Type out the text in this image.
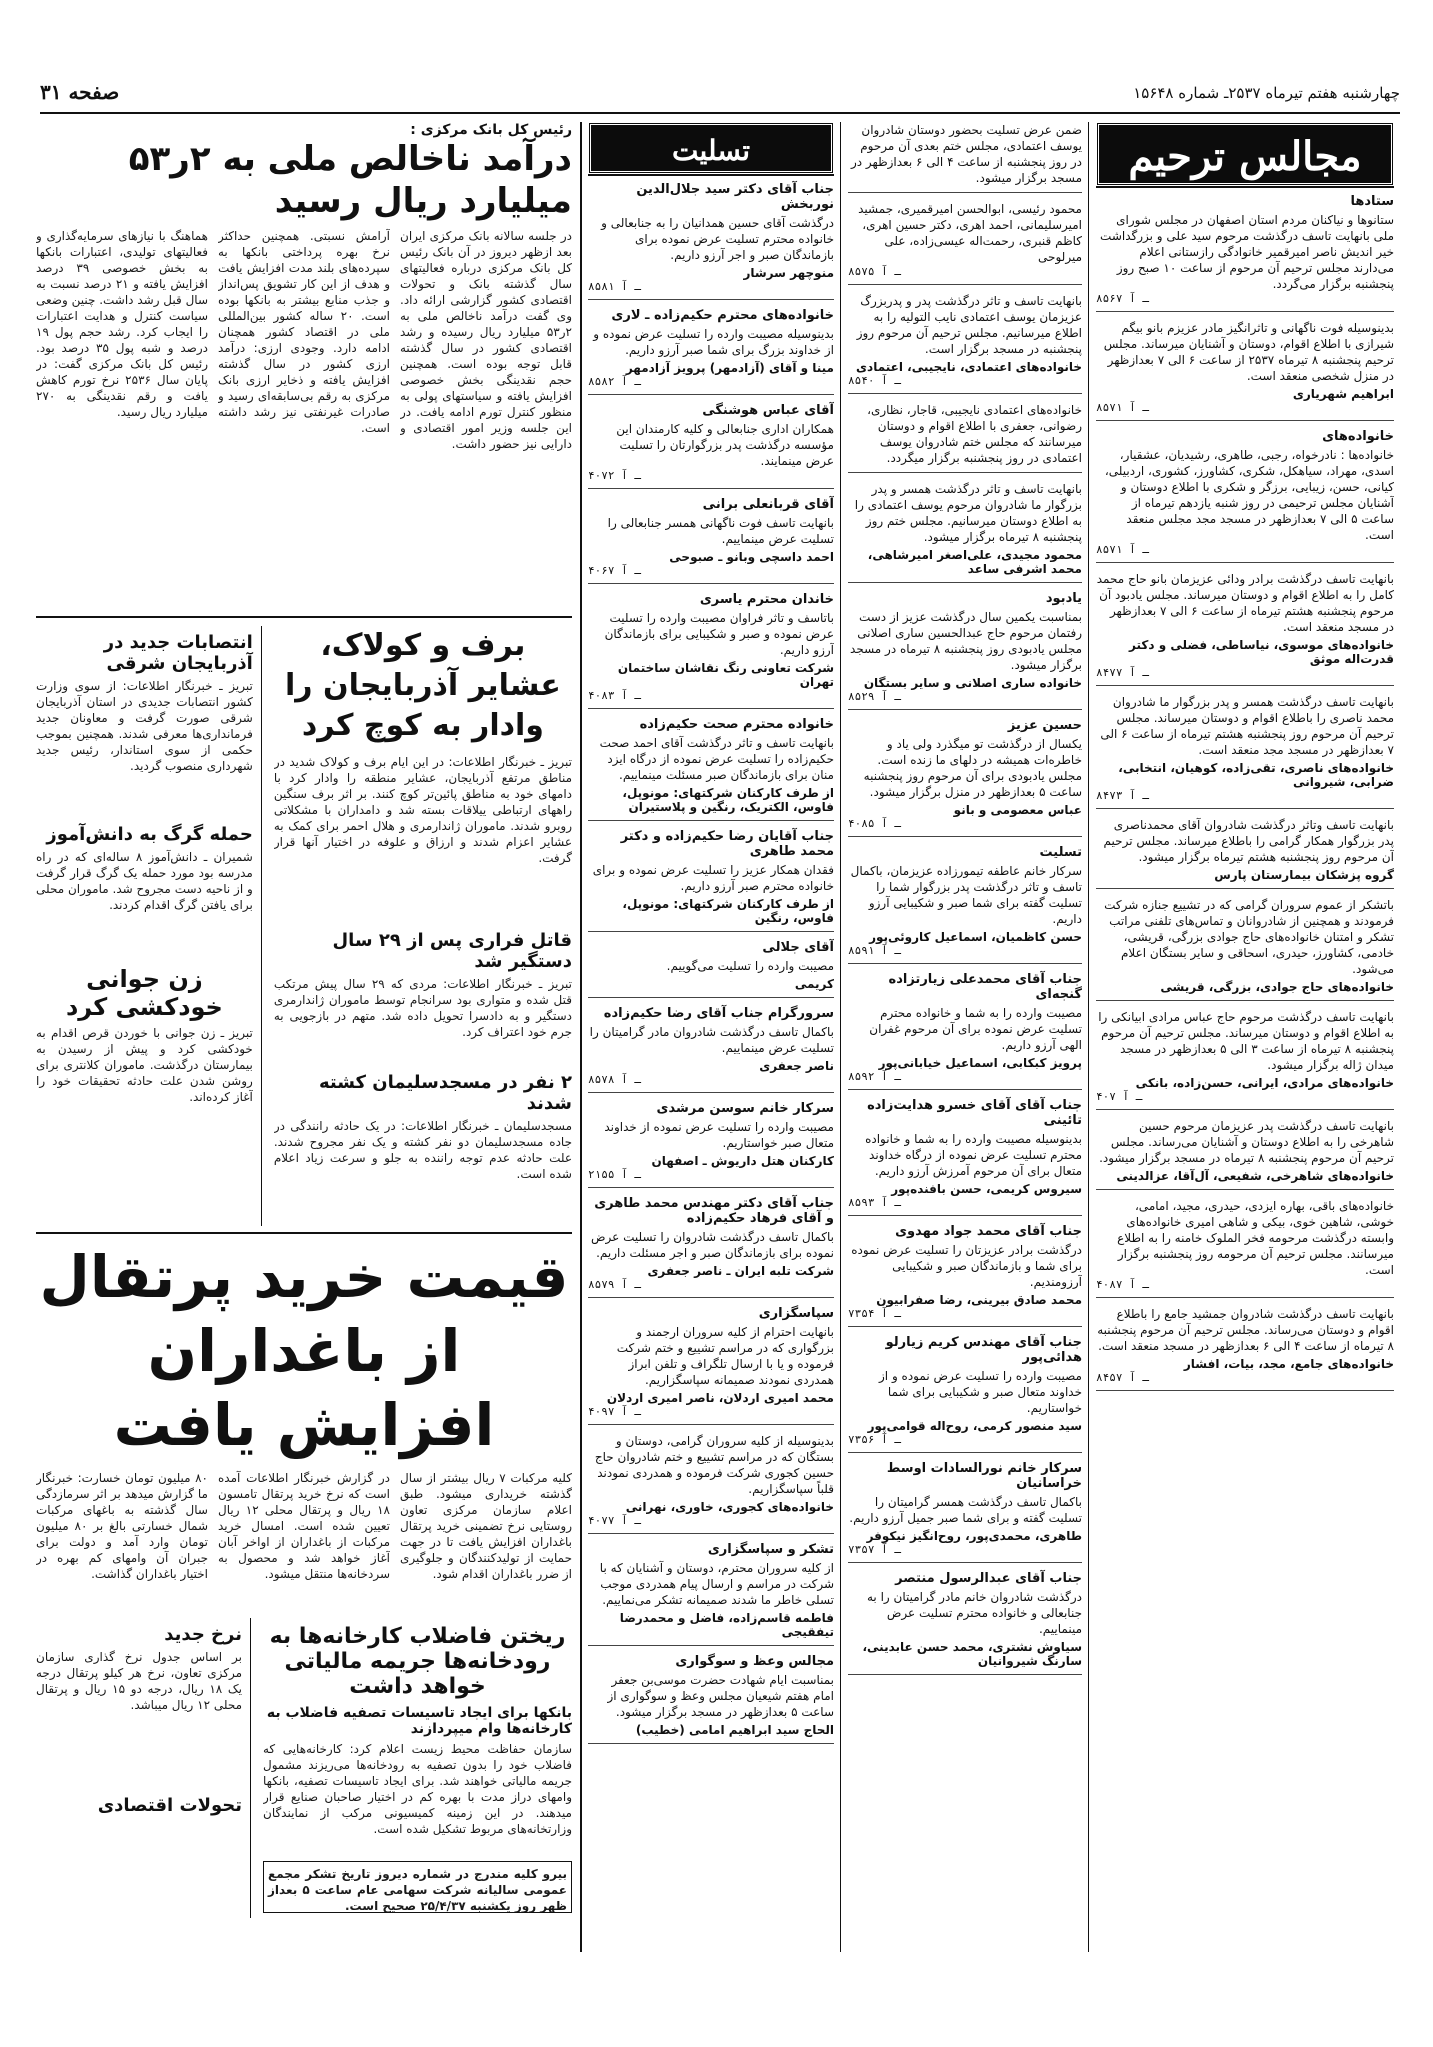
چهارشنبه هفتم تیرماه ۲۵۳۷ـ شماره ۱۵۶۴۸
صفحه ۳۱
مجالس ترحیم
ستادها
ستانوها و نیاکنان مردم استان اصفهان در مجلس شورای ملی بانهایت تاسف درگذشت مرحوم سید علی و بزرگداشت خیر اندیش ناصر امیرقمیر خانوادگی رازستانی اعلام می‌دارند مجلس ترحیم آن مرحوم از ساعت ۱۰ صبح روز پنجشنبه برگزار می‌گردد.
۸۵۶۷ ـ آ
بدینوسیله فوت ناگهانی و تاثرانگیز مادر عزیزم بانو بیگم شیرازی با اطلاع اقوام، دوستان و آشنایان میرساند. مجلس ترحیم پنجشنبه ۸ تیرماه ۲۵۳۷ از ساعت ۶ الی ۷ بعدازظهر در منزل شخصی منعقد است.
ابراهیم شهریاری
۸۵۷۱ ـ آ
خانواده‌های
خانواده‌ها : نادرخواه، رجبی، طاهری، رشیدیان، عشقیار، اسدی، مهراد، سیاهکل، شکری، کشاورز، کشوری، اردبیلی، کیانی، حسن، زیبایی، برزگر و شکری با اطلاع دوستان و آشنایان مجلس ترحیمی در روز شنبه یازدهم تیرماه از ساعت ۵ الی ۷ بعدازظهر در مسجد مجد مجلس منعقد است.
۸۵۷۱ ـ آ
بانهایت تاسف درگذشت برادر ودائی عزیزمان بانو حاج محمد کامل را به اطلاع اقوام و دوستان میرساند. مجلس یادبود آن مرحوم پنجشنبه هشتم تیرماه از ساعت ۶ الی ۷ بعدازظهر در مسجد منعقد است.
خانواده‌های موسوی، نیاساطی، فضلی و دکتر قدرت‌اله موثق
۸۴۷۷ ـ آ
بانهایت تاسف درگذشت همسر و پدر بزرگوار ما شادروان محمد ناصری را باطلاع اقوام و دوستان میرساند. مجلس ترحیم آن مرحوم روز پنجشنبه هشتم تیرماه از ساعت ۶ الی ۷ بعدازظهر در مسجد مجد منعقد است.
خانواده‌های ناصری، تقی‌زاده، کوهیان، انتخابی، ضرابی، شیروانی
۸۴۷۳ ـ آ
بانهایت تاسف وتاثر درگذشت شادروان آقای محمدناصری پدر بزرگوار همکار گرامی را باطلاع میرساند. مجلس ترحیم آن مرحوم روز پنجشنبه هشتم تیرماه برگزار میشود.
گروه پزشکان بیمارستان پارس
باتشکر از عموم سروران گرامی که در تشییع جنازه شرکت فرمودند و همچنین از شادروانان و تماس‌های تلفنی مراتب تشکر و امتنان خانواده‌های حاج جوادی بزرگی، قریشی، خادمی، کشاورز، حیدری، اسحاقی و سایر بستگان اعلام می‌شود.
خانواده‌های حاج جوادی، بزرگی، قریشی
بانهایت تاسف درگذشت مرحوم حاج عباس مرادی ابیانکی را به اطلاع اقوام و دوستان میرساند. مجلس ترحیم آن مرحوم پنجشنبه ۸ تیرماه از ساعت ۳ الی ۵ بعدازظهر در مسجد میدان ژاله برگزار میشود.
خانواده‌های مرادی، ایرانی، حسن‌زاده، بانکی
۴۰۷ ـ آ
بانهایت تاسف درگذشت پدر عزیزمان مرحوم حسین شاهرخی را به اطلاع دوستان و آشنایان می‌رساند. مجلس ترحیم آن مرحوم پنجشنبه ۸ تیرماه در مسجد برگزار میشود.
خانواده‌های شاهرخی، شفیعی، آل‌آقا، عزالدینی
خانواده‌های باقی، بهاره ایزدی، حیدری، مجید، امامی، خوشی، شاهین خوی، بیکی و شاهی امیری خانواده‌های وابسته درگذشت مرحومه فخر الملوک خامنه را به اطلاع میرسانند. مجلس ترحیم آن مرحومه روز پنجشنبه برگزار است.
۴۰۸۷ ـ آ
بانهایت تاسف درگذشت شادروان جمشید جامع را باطلاع اقوام و دوستان می‌رساند. مجلس ترحیم آن مرحوم پنجشنبه ۸ تیرماه از ساعت ۴ الی ۶ بعدازظهر در مسجد منعقد است.
خانواده‌های جامع، مجد، بیات، افشار
۸۴۵۷ ـ آ
ضمن عرض تسلیت بحضور دوستان شادروان یوسف اعتمادی، مجلس ختم بعدی آن مرحوم در روز پنجشنبه از ساعت ۴ الی ۶ بعدازظهر در مسجد برگزار میشود.
محمود رئیسی، ابوالحسن امیرقمیری، جمشید امیرسلیمانی، احمد اهری، دکتر حسین اهری، کاظم قنبری، رحمت‌اله عیسی‌زاده، علی میرلوحی
۸۵۷۵ ـ آ
بانهایت تاسف و تاثر درگذشت پدر و پدربزرگ عزیزمان یوسف اعتمادی نایب التولیه را به اطلاع میرسانیم. مجلس ترحیم آن مرحوم روز پنجشنبه در مسجد برگزار است.
خانواده‌های اعتمادی، نایجیبی، اعتمادی
۸۵۴۰ ـ آ
خانواده‌های اعتمادی نایجیبی، قاجار، نظاری، رضوانی، جعفری با اطلاع اقوام و دوستان میرسانند که مجلس ختم شادروان یوسف اعتمادی در روز پنجشنبه برگزار میگردد.
بانهایت تاسف و تاثر درگذشت همسر و پدر بزرگوار ما شادروان مرحوم یوسف اعتمادی را به اطلاع دوستان میرسانیم. مجلس ختم روز پنجشنبه ۸ تیرماه برگزار میشود.
محمود مجیدی، علی‌اصغر امیرشاهی، محمد اشرفی ساعد
یادبود
بمناسبت یکمین سال درگذشت عزیز از دست رفتمان مرحوم حاج عبدالحسین ساری اصلانی مجلس یادبودی روز پنجشنبه ۸ تیرماه در مسجد برگزار میشود.
خانواده ساری اصلانی و سایر بستگان
۸۵۲۹ ـ آ
حسین عزیز
یکسال از درگذشت تو میگذرد ولی یاد و خاطره‌ات همیشه در دلهای ما زنده است. مجلس یادبودی برای آن مرحوم روز پنجشنبه ساعت ۵ بعدازظهر در منزل برگزار میشود.
عباس معصومی و بانو
۴۰۸۵ ـ آ
تسلیت
سرکار خانم عاطفه تیمورزاده عزیزمان، باکمال تاسف و تاثر درگذشت پدر بزرگوار شما را تسلیت گفته برای شما صبر و شکیبایی آرزو داریم.
حسن کاظمیان، اسماعیل کاروئی‌پور
۸۵۹۱ ـ آ
جناب آقای محمدعلی زیارتزاده گنجه‌ای
مصیبت وارده را به شما و خانواده محترم تسلیت عرض نموده برای آن مرحوم غفران الهی آرزو داریم.
پرویز کبکابی، اسماعیل خیابانی‌پور
۸۵۹۲ ـ آ
جناب آقای آقای خسرو هدایت‌زاده تائینی
بدینوسیله مصیبت وارده را به شما و خانواده محترم تسلیت عرض نموده از درگاه خداوند متعال برای آن مرحوم آمرزش آرزو داریم.
سیروس کریمی، حسن بافنده‌پور
۸۵۹۳ ـ آ
جناب آقای محمد جواد مهدوی
درگذشت برادر عزیزتان را تسلیت عرض نموده برای شما و بازماندگان صبر و شکیبایی آرزومندیم.
محمد صادق بیرینی، رضا صفرابیون
۷۳۵۴ ـ آ
جناب آقای مهندس کریم زیارلو هدائی‌پور
مصیبت وارده را تسلیت عرض نموده و از خداوند متعال صبر و شکیبایی برای شما خواستاریم.
سید منصور کرمی، روح‌اله قوامی‌پور
۷۳۵۶ ـ آ
سرکار خانم نورالسادات اوسط خراسانیان
باکمال تاسف درگذشت همسر گرامیتان را تسلیت گفته و برای شما صبر جمیل آرزو داریم.
طاهری، محمدی‌پور، روح‌انگیز نیکوفر
۷۳۵۷ ـ آ
جناب آقای عبدالرسول منتصر
درگذشت شادروان خانم مادر گرامیتان را به جنابعالی و خانواده محترم تسلیت عرض مینماییم.
سیاوش نشتری، محمد حسن عابدینی، سارنگ شیروانیان
تسلیت
جناب آقای دکتر سید جلال‌الدین نوربخش
درگذشت آقای حسین همدانیان را به جنابعالی و خانواده محترم تسلیت عرض نموده برای بازماندگان صبر و اجر آرزو داریم.
منوچهر سرشار
۸۵۸۱ ـ آ
خانواده‌های محترم حکیم‌زاده ـ لاری
بدینوسیله مصیبت وارده را تسلیت عرض نموده و از خداوند بزرگ برای شما صبر آرزو داریم.
مینا و آقای (آزادمهر) پرویز آزادمهر
۸۵۸۲ ـ آ
آقای عباس هوشنگی
همکاران اداری جنابعالی و کلیه کارمندان این مؤسسه درگذشت پدر بزرگوارتان را تسلیت عرض مینمایند.
۴۰۷۲ ـ آ
آقای قربانعلی برانی
بانهایت تاسف فوت ناگهانی همسر جنابعالی را تسلیت عرض مینماییم.
احمد داسچی وبانو ـ صبوحی
۴۰۶۷ ـ آ
خاندان محترم یاسری
باتاسف و تاثر فراوان مصیبت وارده را تسلیت عرض نموده و صبر و شکیبایی برای بازماندگان آرزو داریم.
شرکت تعاونی رنگ نقاشان ساختمان تهران
۴۰۸۳ ـ آ
خانواده محترم صحت حکیم‌زاده
بانهایت تاسف و تاثر درگذشت آقای احمد صحت حکیم‌زاده را تسلیت عرض نموده از درگاه ایزد منان برای بازماندگان صبر مسئلت مینماییم.
از طرف کارکنان شرکتهای: مونوپل، فاوس، الکتریک، رنگین و پلاستیران
جناب آقایان رضا حکیم‌زاده و دکتر محمد طاهری
فقدان همکار عزیز را تسلیت عرض نموده و برای خانواده محترم صبر آرزو داریم.
از طرف کارکنان شرکتهای: مونوپل، فاوس، رنگین
آقای جلالی
مصیبت وارده را تسلیت می‌گوییم.
کریمی
سرورگرام جناب آقای رضا حکیم‌زاده
باکمال تاسف درگذشت شادروان مادر گرامیتان را تسلیت عرض مینماییم.
ناصر جعفری
۸۵۷۸ ـ آ
سرکار خانم سوسن مرشدی
مصیبت وارده را تسلیت عرض نموده از خداوند متعال صبر خواستاریم.
کارکنان هتل داریوش ـ اصفهان
۲۱۵۵ ـ آ
جناب آقای دکتر مهندس محمد طاهری و آقای فرهاد حکیم‌زاده
باکمال تاسف درگذشت شادروان را تسلیت عرض نموده برای بازماندگان صبر و اجر مسئلت داریم.
شرکت تلبه ایران ـ ناصر جعفری
۸۵۷۹ ـ آ
سپاسگزاری
بانهایت احترام از کلیه سروران ارجمند و بزرگواری که در مراسم تشییع و ختم شرکت فرموده و یا با ارسال تلگراف و تلفن ابراز همدردی نمودند صمیمانه سپاسگزاریم.
محمد امیری اردلان، ناصر امیری اردلان
۴۰۹۷ ـ آ
بدینوسیله از کلیه سروران گرامی، دوستان و بستگان که در مراسم تشییع و ختم شادروان حاج حسین کجوری شرکت فرموده و همدردی نمودند قلباً سپاسگزاریم.
خانواده‌های کجوری، خاوری، نهرانی
۴۰۷۷ ـ آ
تشکر و سپاسگزاری
از کلیه سروران محترم، دوستان و آشنایان که با شرکت در مراسم و ارسال پیام همدردی موجب تسلی خاطر ما شدند صمیمانه تشکر می‌نماییم.
فاطمه قاسم‌زاده، فاضل و محمدرضا تیفقیجی
مجالس وعظ و سوگواری
بمناسبت ایام شهادت حضرت موسی‌بن جعفر امام هفتم شیعیان مجلس وعظ و سوگواری از ساعت ۵ بعدازظهر در مسجد برگزار میشود.
الحاج سید ابراهیم امامی (خطیب)
رئیس کل بانک مرکزی :
درآمد ناخالص ملی به ۲ر۵۳ میلیارد ریال رسید
در جلسه سالانه بانک مرکزی ایران بعد ازظهر دیروز در آن بانک رئیس کل بانک مرکزی درباره فعالیتهای سال گذشته بانک و تحولات اقتصادی کشور گزارشی ارائه داد. وی گفت درآمد ناخالص ملی به ۲ر۵۳ میلیارد ریال رسیده و رشد اقتصادی کشور در سال گذشته قابل توجه بوده است. همچنین حجم نقدینگی بخش خصوصی افزایش یافته و سیاستهای پولی به منظور کنترل تورم ادامه یافت. در این جلسه وزیر امور اقتصادی و دارایی نیز حضور داشت.
آرامش نسبتی. همچنین حداکثر نرخ بهره پرداختی بانکها به سپرده‌های بلند مدت افزایش یافت و هدف از این کار تشویق پس‌انداز و جذب منابع بیشتر به بانکها بوده است. ۲۰ ساله کشور بین‌المللی ملی در اقتصاد کشور همچنان ادامه دارد. وجودی ارزی: درآمد ارزی کشور در سال گذشته افزایش یافته و ذخایر ارزی بانک مرکزی به رقم بی‌سابقه‌ای رسید و صادرات غیرنفتی نیز رشد داشته است.
هماهنگ با نیازهای سرمایه‌گذاری و فعالیتهای تولیدی، اعتبارات بانکها به بخش خصوصی ۳۹ درصد افزایش یافته و ۲۱ درصد نسبت به سال قبل رشد داشت. چنین وضعی سیاست کنترل و هدایت اعتبارات را ایجاب کرد. رشد حجم پول ۱۹ درصد و شبه پول ۳۵ درصد بود. رئیس کل بانک مرکزی گفت: در پایان سال ۲۵۳۶ نرخ تورم کاهش یافت و رقم نقدینگی به ۲۷۰ میلیارد ریال رسید.
برف و کولاک، عشایر آذربایجان را وادار به کوچ کرد
تبریز ـ خبرنگار اطلاعات: در این ایام برف و کولاک شدید در مناطق مرتفع آذربایجان، عشایر منطقه را وادار کرد با دامهای خود به مناطق پائین‌تر کوچ کنند. بر اثر برف سنگین راههای ارتباطی ییلاقات بسته شد و دامداران با مشکلاتی روبرو شدند. ماموران ژاندارمری و هلال احمر برای کمک به عشایر اعزام شدند و ارزاق و علوفه در اختیار آنها قرار گرفت.
قاتل فراری پس از ۲۹ سال دستگیر شد
تبریز ـ خبرنگار اطلاعات: مردی که ۲۹ سال پیش مرتکب قتل شده و متواری بود سرانجام توسط ماموران ژاندارمری دستگیر و به دادسرا تحویل داده شد. متهم در بازجویی به جرم خود اعتراف کرد.
۲ نفر در مسجدسلیمان کشته شدند
مسجدسلیمان ـ خبرنگار اطلاعات: در یک حادثه رانندگی در جاده مسجدسلیمان دو نفر کشته و یک نفر مجروح شدند. علت حادثه عدم توجه راننده به جلو و سرعت زیاد اعلام شده است.
انتصابات جدید در آذربایجان شرقی
تبریز ـ خبرنگار اطلاعات: از سوی وزارت کشور انتصابات جدیدی در استان آذربایجان شرقی صورت گرفت و معاونان جدید فرمانداری‌ها معرفی شدند. همچنین بموجب حکمی از سوی استاندار، رئیس جدید شهرداری منصوب گردید.
حمله گرگ به دانش‌آموز
شمیران ـ دانش‌آموز ۸ ساله‌ای که در راه مدرسه بود مورد حمله یک گرگ قرار گرفت و از ناحیه دست مجروح شد. ماموران محلی برای یافتن گرگ اقدام کردند.
زن جوانی خودکشی کرد
تبریز ـ زن جوانی با خوردن قرص اقدام به خودکشی کرد و پیش از رسیدن به بیمارستان درگذشت. ماموران کلانتری برای روشن شدن علت حادثه تحقیقات خود را آغاز کرده‌اند.
قیمت خرید پرتقال
از باغداران افزایش یافت
کلیه مرکبات ۷ ریال بیشتر از سال گذشته خریداری میشود. طبق اعلام سازمان مرکزی تعاون روستایی نرخ تضمینی خرید پرتقال باغداران افزایش یافت تا در جهت حمایت از تولیدکنندگان و جلوگیری از ضرر باغداران اقدام شود.
در گزارش خبرنگار اطلاعات آمده است که نرخ خرید پرتقال تامسون ۱۸ ریال و پرتقال محلی ۱۲ ریال تعیین شده است. امسال خرید مرکبات از باغداران از اواخر آبان آغاز خواهد شد و محصول به سردخانه‌ها منتقل میشود.
۸۰ میلیون تومان خسارت: خبرنگار ما گزارش میدهد بر اثر سرمازدگی سال گذشته به باغهای مرکبات شمال خسارتی بالغ بر ۸۰ میلیون تومان وارد آمد و دولت برای جبران آن وامهای کم بهره در اختیار باغداران گذاشت.
ریختن فاضلاب کارخانه‌ها به رودخانه‌ها جریمه مالیاتی خواهد داشت
بانکها برای ایجاد تاسیسات تصفیه فاضلاب به کارخانه‌ها وام میپردازند
سازمان حفاظت محیط زیست اعلام کرد: کارخانه‌هایی که فاضلاب خود را بدون تصفیه به رودخانه‌ها می‌ریزند مشمول جریمه مالیاتی خواهند شد. برای ایجاد تاسیسات تصفیه، بانکها وامهای دراز مدت با بهره کم در اختیار صاحبان صنایع قرار میدهند. در این زمینه کمیسیونی مرکب از نمایندگان وزارتخانه‌های مربوط تشکیل شده است.
بیرو کلیه مندرج در شماره دیروز تاریخ تشکر مجمع عمومی سالیانه شرکت سهامی عام ساعت ۵ بعداز ظهر روز یکشنبه ۲۵/۴/۳۷ صحیح است.
نرخ جدید
بر اساس جدول نرخ گذاری سازمان مرکزی تعاون، نرخ هر کیلو پرتقال درجه یک ۱۸ ریال، درجه دو ۱۵ ریال و پرتقال محلی ۱۲ ریال میباشد.
تحولات اقتصادی
